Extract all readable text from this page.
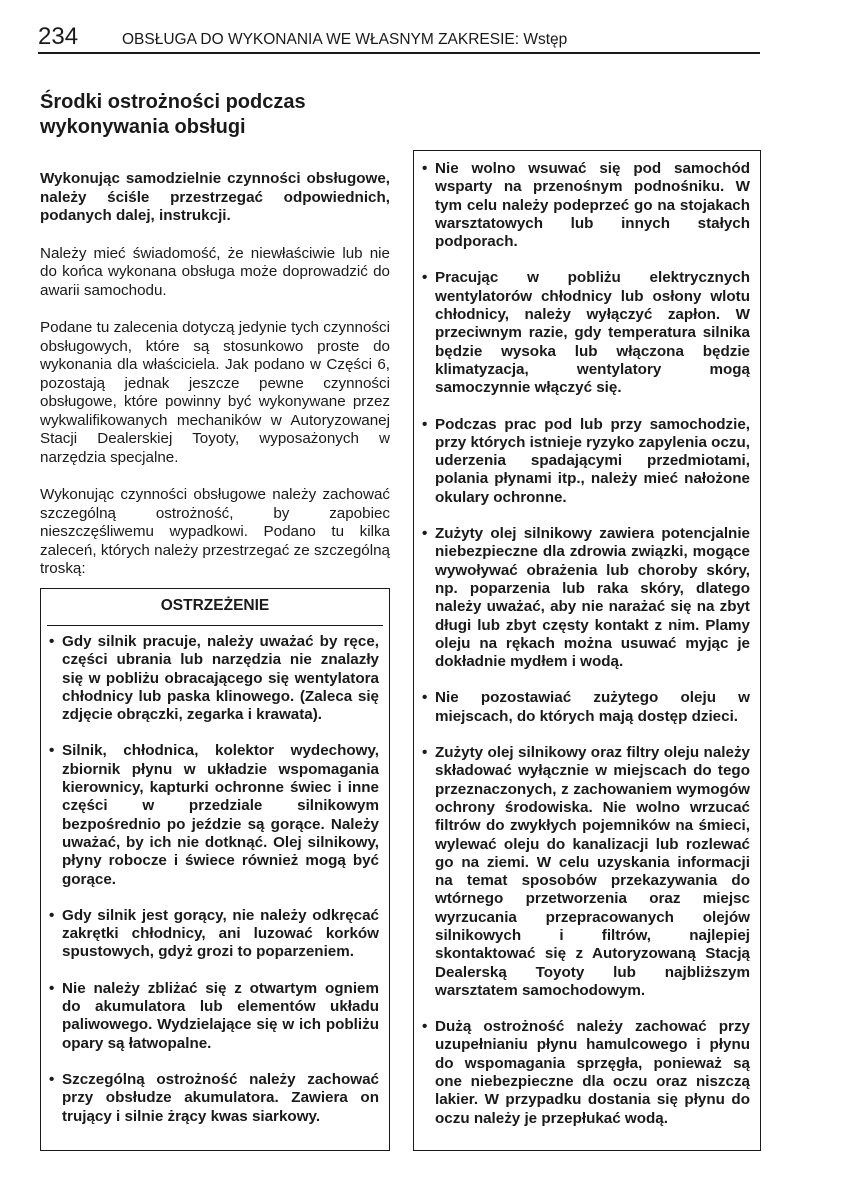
234	OBSŁUGA DO WYKONANIA WE WŁASNYM ZAKRESIE: Wstęp
Środki ostrożności podczas wykonywania obsługi

Wykonując samodzielnie czynności obsługowe, należy ściśle przestrzegać odpowiednich, podanych dalej, instrukcji.

Należy mieć świadomość, że niewłaściwie lub nie do końca wykonana obsługa może doprowadzić do awarii samochodu.

Podane tu zalecenia dotyczą jedynie tych czynności obsługowych, które są stosunkowo proste do wykonania dla właściciela. Jak podano w Części 6, pozostają jednak jeszcze pewne czynności obsługowe, które powinny być wykonywane przez wykwalifikowanych mechaników w Autoryzowanej Stacji Dealerskiej Toyoty, wyposażonych w narzędzia specjalne.

Wykonując czynności obsługowe należy zachować szczególną ostrożność, by zapobiec nieszczęśliwemu wypadkowi. Podano tu kilka zaleceń, których należy przestrzegać ze szczególną troską:

OSTRZEŻENIE
• Gdy silnik pracuje, należy uważać by ręce, części ubrania lub narzędzia nie znalazły się w pobliżu obracającego się wentylatora chłodnicy lub paska klinowego. (Zaleca się zdjęcie obrączki, zegarka i krawata).
• Silnik, chłodnica, kolektor wydechowy, zbiornik płynu w układzie wspomagania kierownicy, kapturki ochronne świec i inne części w przedziale silnikowym bezpośrednio po jeździe są gorące. Należy uważać, by ich nie dotknąć. Olej silnikowy, płyny robocze i świece również mogą być gorące.
• Gdy silnik jest gorący, nie należy odkręcać zakrętki chłodnicy, ani luzować korków spustowych, gdyż grozi to poparzeniem.
• Nie należy zbliżać się z otwartym ogniem do akumulatora lub elementów układu paliwowego. Wydzielające się w ich pobliżu opary są łatwopalne.
• Szczególną ostrożność należy zachować przy obsłudze akumulatora. Zawiera on trujący i silnie żrący kwas siarkowy.
• Nie wolno wsuwać się pod samochód wsparty na przenośnym podnośniku. W tym celu należy podeprzeć go na stojakach warsztatowych lub innych stałych podporach.
• Pracując w pobliżu elektrycznych wentylatorów chłodnicy lub osłony wlotu chłodnicy, należy wyłączyć zapłon. W przeciwnym razie, gdy temperatura silnika będzie wysoka lub włączona będzie klimatyzacja, wentylatory mogą samoczynnie włączyć się.
• Podczas prac pod lub przy samochodzie, przy których istnieje ryzyko zapylenia oczu, uderzenia spadającymi przedmiotami, polania płynami itp., należy mieć nałożone okulary ochronne.
• Zużyty olej silnikowy zawiera potencjalnie niebezpieczne dla zdrowia związki, mogące wywoływać obrażenia lub choroby skóry, np. poparzenia lub raka skóry, dlatego należy uważać, aby nie narażać się na zbyt długi lub zbyt częsty kontakt z nim. Plamy oleju na rękach można usuwać myjąc je dokładnie mydłem i wodą.
• Nie pozostawiać zużytego oleju w miejscach, do których mają dostęp dzieci.
• Zużyty olej silnikowy oraz filtry oleju należy składować wyłącznie w miejscach do tego przeznaczonych, z zachowaniem wymogów ochrony środowiska. Nie wolno wrzucać filtrów do zwykłych pojemników na śmieci, wylewać oleju do kanalizacji lub rozlewać go na ziemi. W celu uzyskania informacji na temat sposobów przekazywania do wtórnego przetworzenia oraz miejsc wyrzucania przepracowanych olejów silnikowych i filtrów, najlepiej skontaktować się z Autoryzowaną Stacją Dealerską Toyoty lub najbliższym warsztatem samochodowym.
• Dużą ostrożność należy zachować przy uzupełnianiu płynu hamulcowego i płynu do wspomagania sprzęgła, ponieważ są one niebezpieczne dla oczu oraz niszczą lakier. W przypadku dostania się płynu do oczu należy je przepłukać wodą.
